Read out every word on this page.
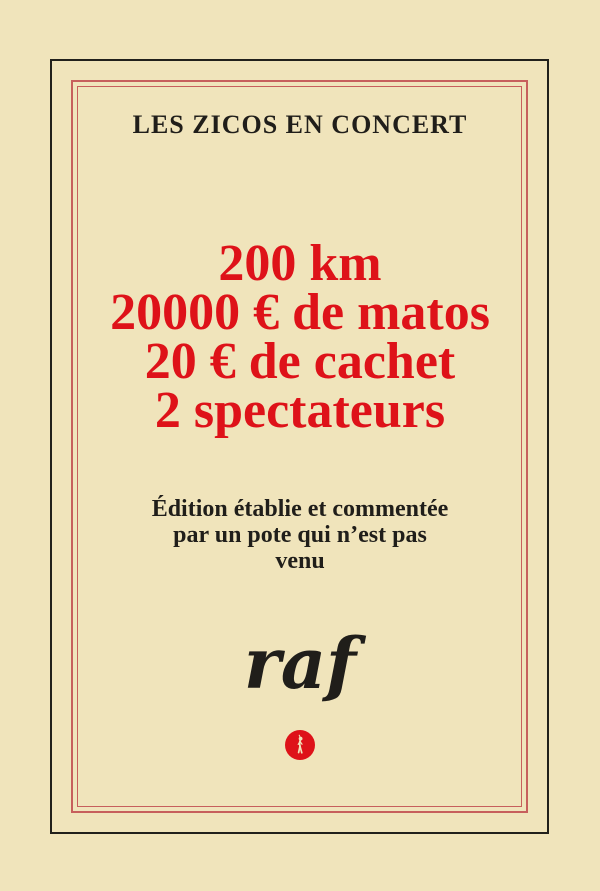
LES ZICOS EN CONCERT
200 km
20000 € de matos
20 € de cachet
2 spectateurs
Édition établie et commentée
par un pote qui n’est pas
venu
raf
